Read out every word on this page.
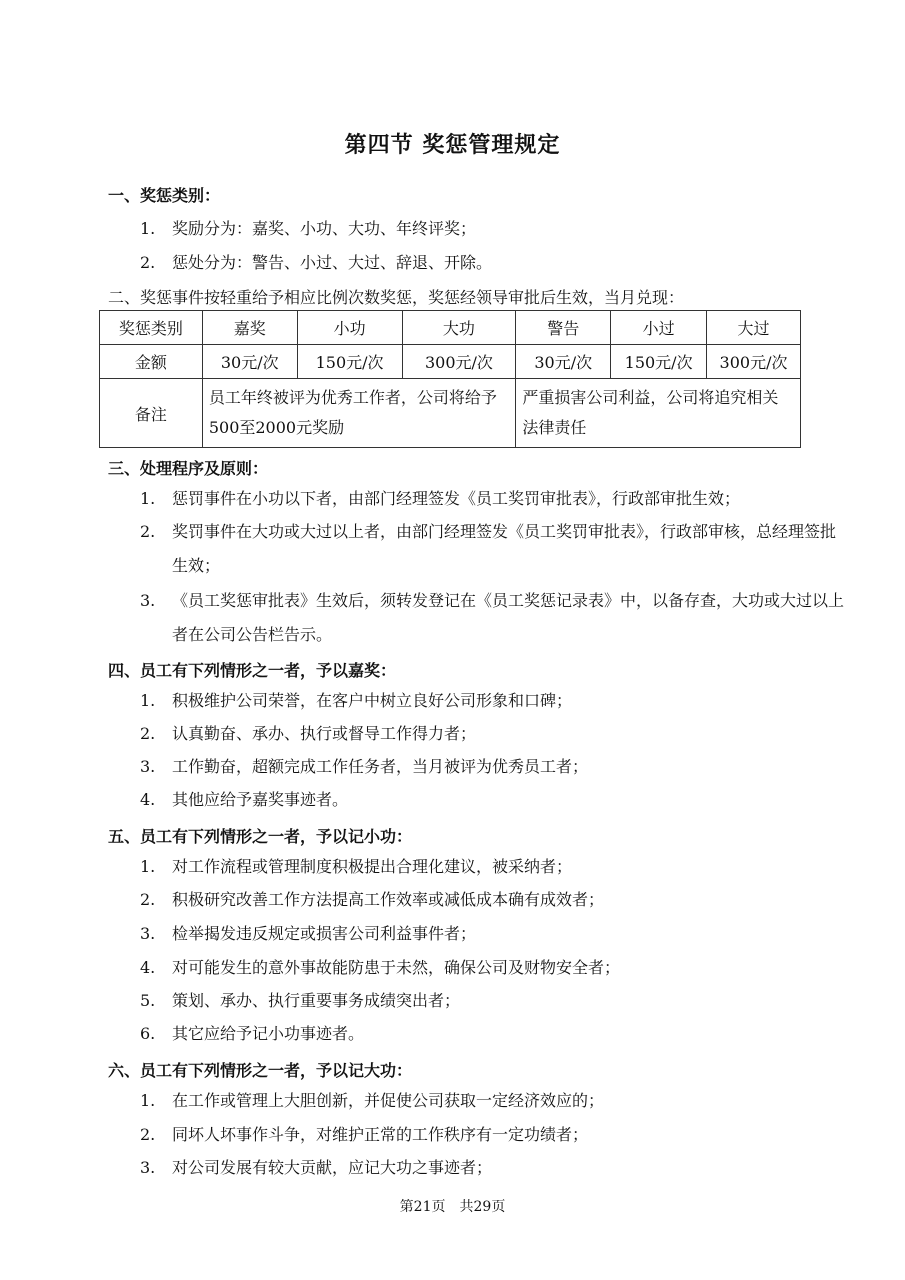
第四节 奖惩管理规定
一、奖惩类别：
1. 奖励分为：嘉奖、小功、大功、年终评奖；
2. 惩处分为：警告、小过、大过、辞退、开除。
二、奖惩事件按轻重给予相应比例次数奖惩，奖惩经领导审批后生效，当月兑现：
奖惩类别	嘉奖	小功	大功	警告	小过	大过
金额	30元/次	150元/次	300元/次	30元/次	150元/次	300元/次
备注	员工年终被评为优秀工作者，公司将给予500至2000元奖励			严重损害公司利益，公司将追究相关法律责任		
三、处理程序及原则：
1. 惩罚事件在小功以下者，由部门经理签发《员工奖罚审批表》，行政部审批生效；
2. 奖罚事件在大功或大过以上者，由部门经理签发《员工奖罚审批表》，行政部审核，总经理签批生效；
3. 《员工奖惩审批表》生效后，须转发登记在《员工奖惩记录表》中，以备存查，大功或大过以上者在公司公告栏告示。
四、员工有下列情形之一者，予以嘉奖：
1. 积极维护公司荣誉，在客户中树立良好公司形象和口碑；
2. 认真勤奋、承办、执行或督导工作得力者；
3. 工作勤奋，超额完成工作任务者，当月被评为优秀员工者；
4. 其他应给予嘉奖事迹者。
五、员工有下列情形之一者，予以记小功：
1. 对工作流程或管理制度积极提出合理化建议，被采纳者；
2. 积极研究改善工作方法提高工作效率或减低成本确有成效者；
3. 检举揭发违反规定或损害公司利益事件者；
4. 对可能发生的意外事故能防患于未然，确保公司及财物安全者；
5. 策划、承办、执行重要事务成绩突出者；
6. 其它应给予记小功事迹者。
六、员工有下列情形之一者，予以记大功：
1. 在工作或管理上大胆创新，并促使公司获取一定经济效应的；
2. 同坏人坏事作斗争，对维护正常的工作秩序有一定功绩者；
3. 对公司发展有较大贡献，应记大功之事迹者；
第21页 共29页
